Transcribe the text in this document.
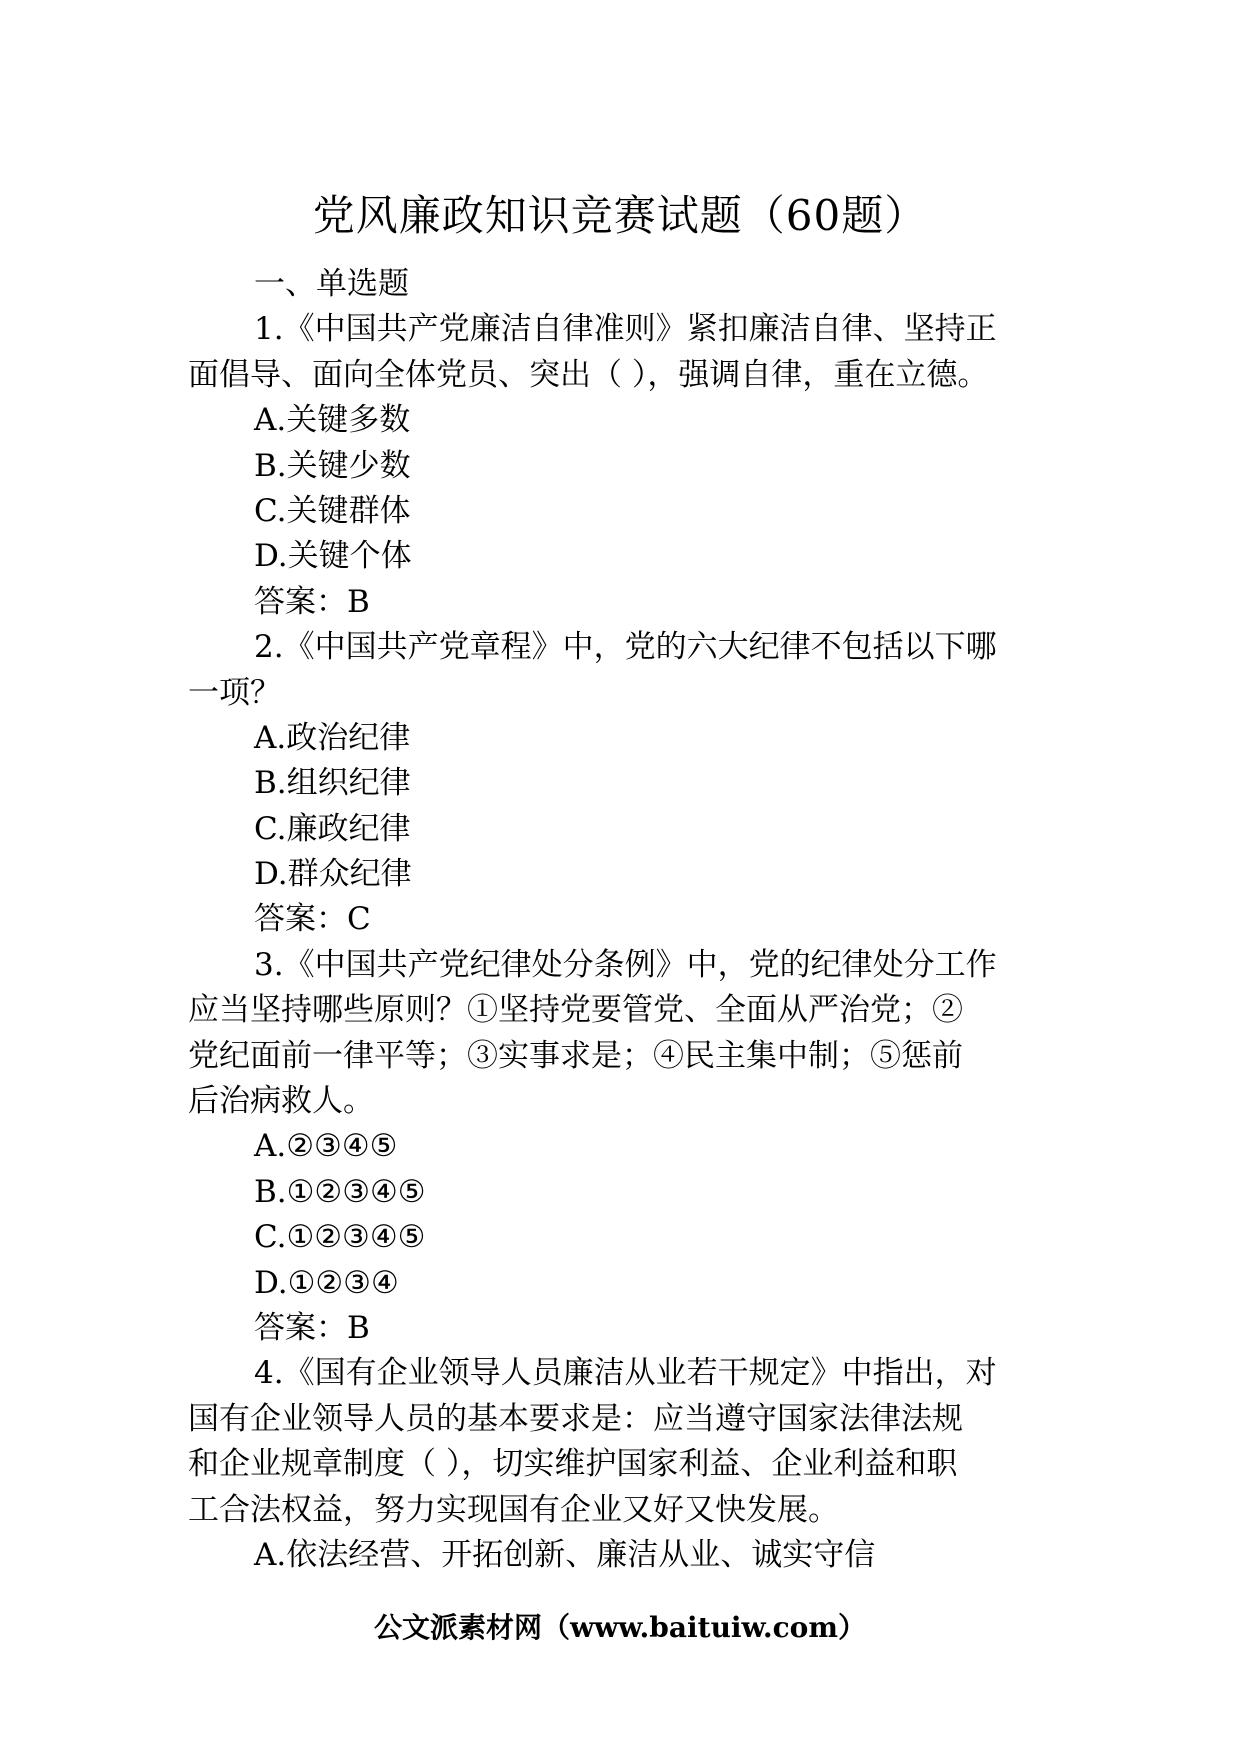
党风廉政知识竞赛试题（60题）
一、单选题
1.《中国共产党廉洁自律准则》紧扣廉洁自律、坚持正
面倡导、面向全体党员、突出（ ），强调自律，重在立德。
A.关键多数
B.关键少数
C.关键群体
D.关键个体
答案：B
2.《中国共产党章程》中，党的六大纪律不包括以下哪
一项？
A.政治纪律
B.组织纪律
C.廉政纪律
D.群众纪律
答案：C
3.《中国共产党纪律处分条例》中，党的纪律处分工作
应当坚持哪些原则？①坚持党要管党、全面从严治党；②
党纪面前一律平等；③实事求是；④民主集中制；⑤惩前
后治病救人。
A.②③④⑤
B.①②③④⑤
C.①②③④⑤
D.①②③④
答案：B
4.《国有企业领导人员廉洁从业若干规定》中指出，对
国有企业领导人员的基本要求是：应当遵守国家法律法规
和企业规章制度（ ），切实维护国家利益、企业利益和职
工合法权益，努力实现国有企业又好又快发展。
A.依法经营、开拓创新、廉洁从业、诚实守信
公文派素材网（www.baituiw.com）
